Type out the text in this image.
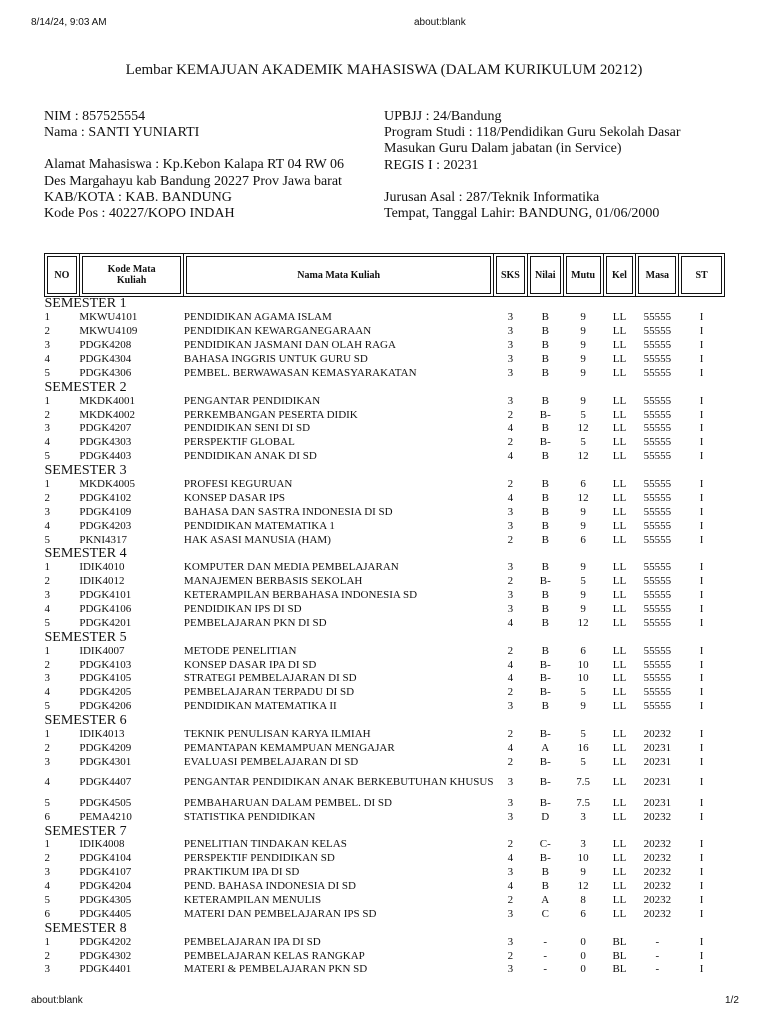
8/14/24, 9:03 AM	about:blank
Lembar KEMAJUAN AKADEMIK MAHASISWA (DALAM KURIKULUM 20212)
NIM : 857525554
Nama : SANTI YUNIARTI
Alamat Mahasiswa : Kp.Kebon Kalapa RT 04 RW 06
Des Margahayu kab Bandung 20227 Prov Jawa barat
KAB/KOTA : KAB. BANDUNG
Kode Pos : 40227/KOPO INDAH
UPBJJ : 24/Bandung
Program Studi : 118/Pendidikan Guru Sekolah Dasar
Masukan Guru Dalam jabatan (in Service)
REGIS I : 20231
Jurusan Asal : 287/Teknik Informatika
Tempat, Tanggal Lahir: BANDUNG, 01/06/2000
NO	Kode Mata Kuliah	Nama Mata Kuliah	SKS	Nilai	Mutu	Kel	Masa	ST
SEMESTER 1								
1	MKWU4101	PENDIDIKAN AGAMA ISLAM	3	B	9	LL	55555	I
2	MKWU4109	PENDIDIKAN KEWARGANEGARAAN	3	B	9	LL	55555	I
3	PDGK4208	PENDIDIKAN JASMANI DAN OLAH RAGA	3	B	9	LL	55555	I
4	PDGK4304	BAHASA INGGRIS UNTUK GURU SD	3	B	9	LL	55555	I
5	PDGK4306	PEMBEL. BERWAWASAN KEMASYARAKATAN	3	B	9	LL	55555	I
SEMESTER 2								
1	MKDK4001	PENGANTAR PENDIDIKAN	3	B	9	LL	55555	I
2	MKDK4002	PERKEMBANGAN PESERTA DIDIK	2	B-	5	LL	55555	I
3	PDGK4207	PENDIDIKAN SENI DI SD	4	B	12	LL	55555	I
4	PDGK4303	PERSPEKTIF GLOBAL	2	B-	5	LL	55555	I
5	PDGK4403	PENDIDIKAN ANAK DI SD	4	B	12	LL	55555	I
SEMESTER 3								
1	MKDK4005	PROFESI KEGURUAN	2	B	6	LL	55555	I
2	PDGK4102	KONSEP DASAR IPS	4	B	12	LL	55555	I
3	PDGK4109	BAHASA DAN SASTRA INDONESIA DI SD	3	B	9	LL	55555	I
4	PDGK4203	PENDIDIKAN MATEMATIKA 1	3	B	9	LL	55555	I
5	PKNI4317	HAK ASASI MANUSIA (HAM)	2	B	6	LL	55555	I
SEMESTER 4								
1	IDIK4010	KOMPUTER DAN MEDIA PEMBELAJARAN	3	B	9	LL	55555	I
2	IDIK4012	MANAJEMEN BERBASIS SEKOLAH	2	B-	5	LL	55555	I
3	PDGK4101	KETERAMPILAN BERBAHASA INDONESIA SD	3	B	9	LL	55555	I
4	PDGK4106	PENDIDIKAN IPS DI SD	3	B	9	LL	55555	I
5	PDGK4201	PEMBELAJARAN PKN DI SD	4	B	12	LL	55555	I
SEMESTER 5								
1	IDIK4007	METODE PENELITIAN	2	B	6	LL	55555	I
2	PDGK4103	KONSEP DASAR IPA DI SD	4	B-	10	LL	55555	I
3	PDGK4105	STRATEGI PEMBELAJARAN DI SD	4	B-	10	LL	55555	I
4	PDGK4205	PEMBELAJARAN TERPADU DI SD	2	B-	5	LL	55555	I
5	PDGK4206	PENDIDIKAN MATEMATIKA II	3	B	9	LL	55555	I
SEMESTER 6								
1	IDIK4013	TEKNIK PENULISAN KARYA ILMIAH	2	B-	5	LL	20232	I
2	PDGK4209	PEMANTAPAN KEMAMPUAN MENGAJAR	4	A	16	LL	20231	I
3	PDGK4301	EVALUASI PEMBELAJARAN DI SD	2	B-	5	LL	20231	I
4	PDGK4407	PENGANTAR PENDIDIKAN ANAK BERKEBUTUHAN KHUSUS	3	B-	7.5	LL	20231	I
5	PDGK4505	PEMBAHARUAN DALAM PEMBEL. DI SD	3	B-	7.5	LL	20231	I
6	PEMA4210	STATISTIKA PENDIDIKAN	3	D	3	LL	20232	I
SEMESTER 7								
1	IDIK4008	PENELITIAN TINDAKAN KELAS	2	C-	3	LL	20232	I
2	PDGK4104	PERSPEKTIF PENDIDIKAN SD	4	B-	10	LL	20232	I
3	PDGK4107	PRAKTIKUM IPA DI SD	3	B	9	LL	20232	I
4	PDGK4204	PEND. BAHASA INDONESIA DI SD	4	B	12	LL	20232	I
5	PDGK4305	KETERAMPILAN MENULIS	2	A	8	LL	20232	I
6	PDGK4405	MATERI DAN PEMBELAJARAN IPS SD	3	C	6	LL	20232	I
SEMESTER 8								
1	PDGK4202	PEMBELAJARAN IPA DI SD	3	-	0	BL	-	I
2	PDGK4302	PEMBELAJARAN KELAS RANGKAP	2	-	0	BL	-	I
3	PDGK4401	MATERI & PEMBELAJARAN PKN SD	3	-	0	BL	-	I
about:blank	1/2
